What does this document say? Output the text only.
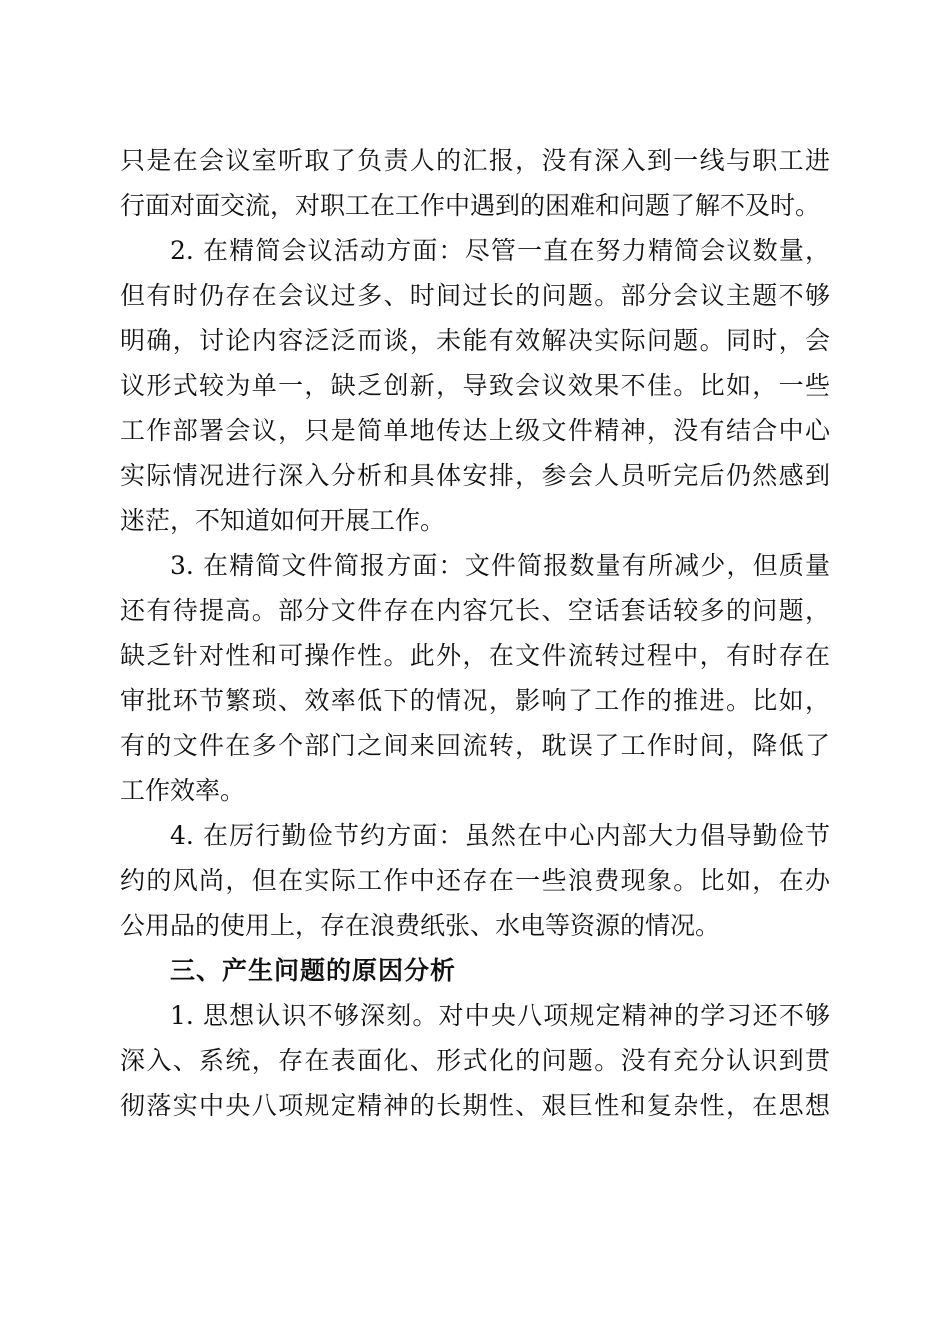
只是在会议室听取了负责人的汇报，没有深入到一线与职工进
行面对面交流，对职工在工作中遇到的困难和问题了解不及时。
2. 在精简会议活动方面：尽管一直在努力精简会议数量，
但有时仍存在会议过多、时间过长的问题。部分会议主题不够
明确，讨论内容泛泛而谈，未能有效解决实际问题。同时，会
议形式较为单一，缺乏创新，导致会议效果不佳。比如，一些
工作部署会议，只是简单地传达上级文件精神，没有结合中心
实际情况进行深入分析和具体安排，参会人员听完后仍然感到
迷茫，不知道如何开展工作。
3. 在精简文件简报方面：文件简报数量有所减少，但质量
还有待提高。部分文件存在内容冗长、空话套话较多的问题，
缺乏针对性和可操作性。此外，在文件流转过程中，有时存在
审批环节繁琐、效率低下的情况，影响了工作的推进。比如，
有的文件在多个部门之间来回流转，耽误了工作时间，降低了
工作效率。
4. 在厉行勤俭节约方面：虽然在中心内部大力倡导勤俭节
约的风尚，但在实际工作中还存在一些浪费现象。比如，在办
公用品的使用上，存在浪费纸张、水电等资源的情况。
三、产生问题的原因分析
1. 思想认识不够深刻。对中央八项规定精神的学习还不够
深入、系统，存在表面化、形式化的问题。没有充分认识到贯
彻落实中央八项规定精神的长期性、艰巨性和复杂性，在思想
